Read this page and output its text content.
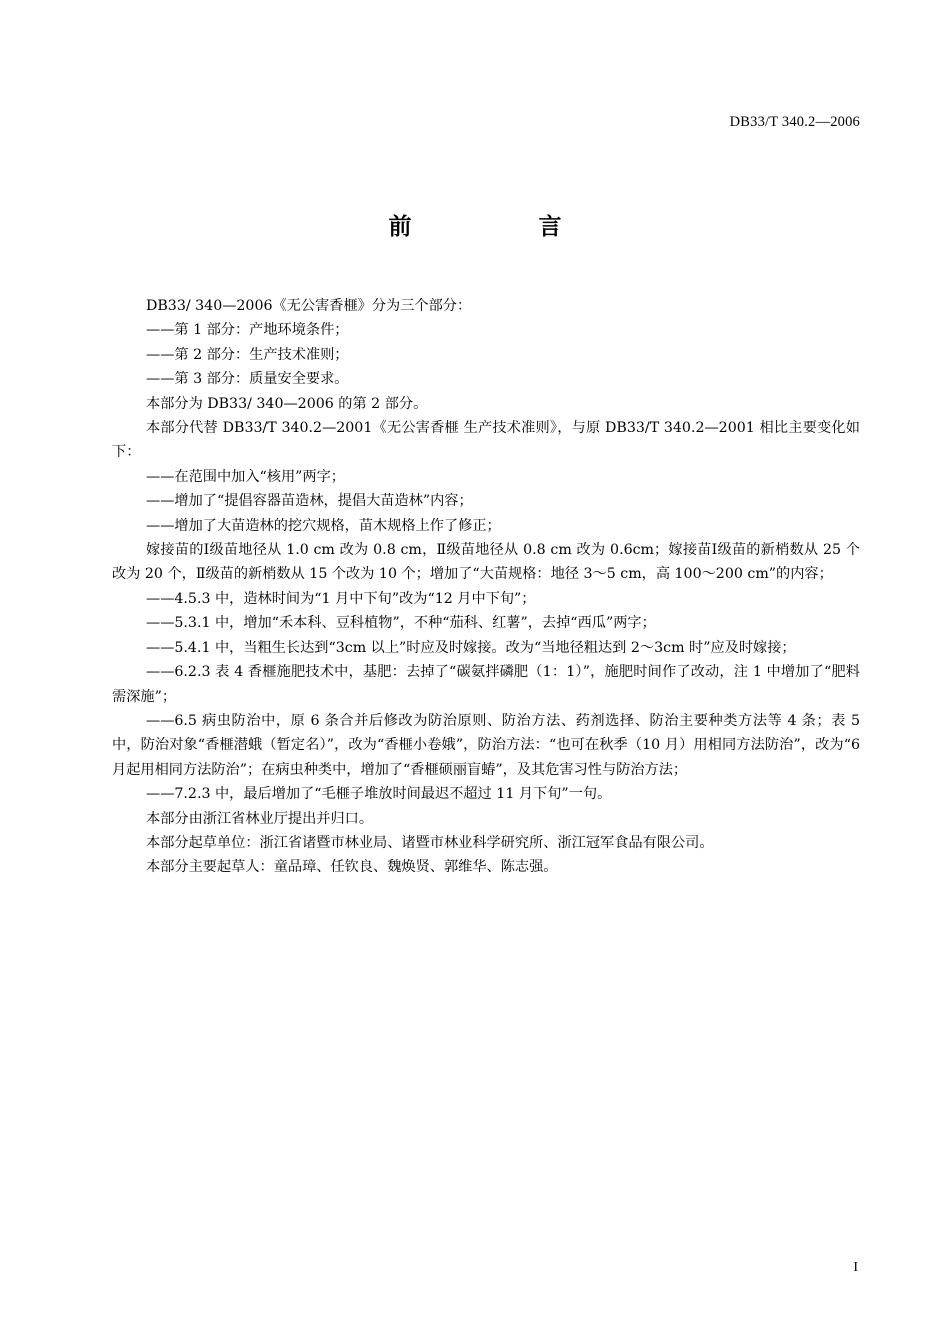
DB33/T 340.2—2006
前　言

DB33/ 340—2006《无公害香榧》分为三个部分：

——第 1 部分：产地环境条件；

——第 2 部分：生产技术准则；

——第 3 部分：质量安全要求。

本部分为 DB33/ 340—2006 的第 2 部分。

本部分代替 DB33/T 340.2—2001《无公害香榧 生产技术准则》，与原 DB33/T 340.2—2001 相比主要变化如下：

——在范围中加入“核用”两字；

——增加了“提倡容器苗造林，提倡大苗造林”内容；

——增加了大苗造林的挖穴规格，苗木规格上作了修正；

嫁接苗的Ⅰ级苗地径从 1.0 cm 改为 0.8 cm，Ⅱ级苗地径从 0.8 cm 改为 0.6cm；嫁接苗Ⅰ级苗的新梢数从 25 个改为 20 个，Ⅱ级苗的新梢数从 15 个改为 10 个；增加了“大苗规格：地径 3～5 cm，高 100～200 cm”的内容；

——4.5.3 中，造林时间为“1 月中下旬”改为“12 月中下旬”；

——5.3.1 中，增加“禾本科、豆科植物”，不种“茄科、红薯”，去掉“西瓜”两字；

——5.4.1 中，当粗生长达到“3cm 以上”时应及时嫁接。改为“当地径粗达到 2～3cm 时”应及时嫁接；

——6.2.3 表 4 香榧施肥技术中，基肥：去掉了“碳氨拌磷肥（1：1）”，施肥时间作了改动，注 1 中增加了“肥料需深施”；

——6.5 病虫防治中，原 6 条合并后修改为防治原则、防治方法、药剂选择、防治主要种类方法等 4 条；表 5 中，防治对象“香榧潜蛾（暂定名）”，改为“香榧小卷娥”，防治方法：“也可在秋季（10 月）用相同方法防治”，改为“6 月起用相同方法防治”；在病虫种类中，增加了“香榧硕丽盲蝽”，及其危害习性与防治方法；

——7.2.3 中，最后增加了“毛榧子堆放时间最迟不超过 11 月下旬”一句。

本部分由浙江省林业厅提出并归口。

本部分起草单位：浙江省诸暨市林业局、诸暨市林业科学研究所、浙江冠军食品有限公司。

本部分主要起草人：童品璋、任钦良、魏焕贤、郭维华、陈志强。

I
